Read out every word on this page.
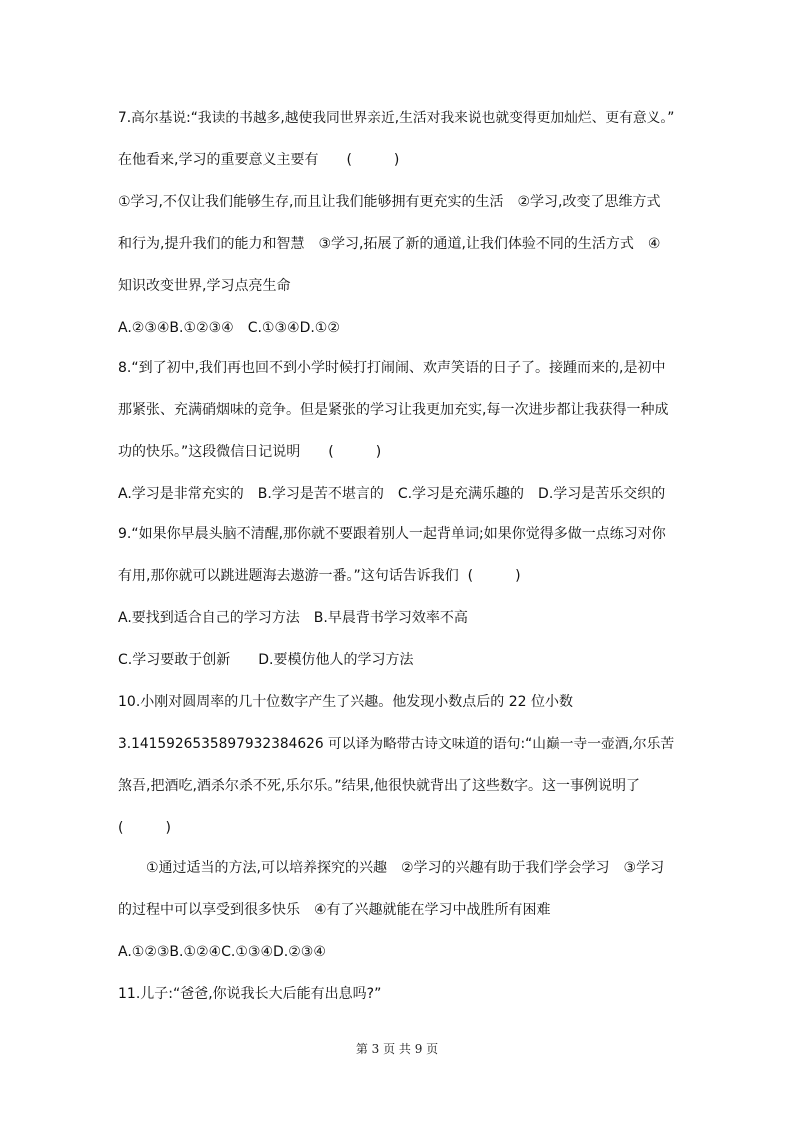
7.高尔基说:“我读的书越多,越使我同世界亲近,生活对我来说也就变得更加灿烂、更有意义。”
在他看来,学习的重要意义主要有　　(　　　)
①学习,不仅让我们能够生存,而且让我们能够拥有更充实的生活　②学习,改变了思维方式
和行为,提升我们的能力和智慧　③学习,拓展了新的通道,让我们体验不同的生活方式　④
知识改变世界,学习点亮生命
A.②③④B.①②③④　C.①③④D.①②
8.“到了初中,我们再也回不到小学时候打打闹闹、欢声笑语的日子了。接踵而来的,是初中
那紧张、充满硝烟味的竞争。但是紧张的学习让我更加充实,每一次进步都让我获得一种成
功的快乐。”这段微信日记说明　　(　　　)
A.学习是非常充实的　B.学习是苦不堪言的　C.学习是充满乐趣的　D.学习是苦乐交织的
9.“如果你早晨头脑不清醒,那你就不要跟着别人一起背单词;如果你觉得多做一点练习对你
有用,那你就可以跳进题海去遨游一番。”这句话告诉我们  (　　　)
A.要找到适合自己的学习方法　B.早晨背书学习效率不高
C.学习要敢于创新　　D.要模仿他人的学习方法
10.小刚对圆周率的几十位数字产生了兴趣。他发现小数点后的 22 位小数
3.1415926535897932384626 可以译为略带古诗文味道的语句:“山巅一寺一壶酒,尔乐苦
煞吾,把酒吃,酒杀尔杀不死,乐尔乐。”结果,他很快就背出了这些数字。这一事例说明了
(　　　)
①通过适当的方法,可以培养探究的兴趣　②学习的兴趣有助于我们学会学习　③学习
的过程中可以享受到很多快乐　④有了兴趣就能在学习中战胜所有困难
A.①②③B.①②④C.①③④D.②③④
11.儿子:“爸爸,你说我长大后能有出息吗?”
第 3 页 共 9 页
